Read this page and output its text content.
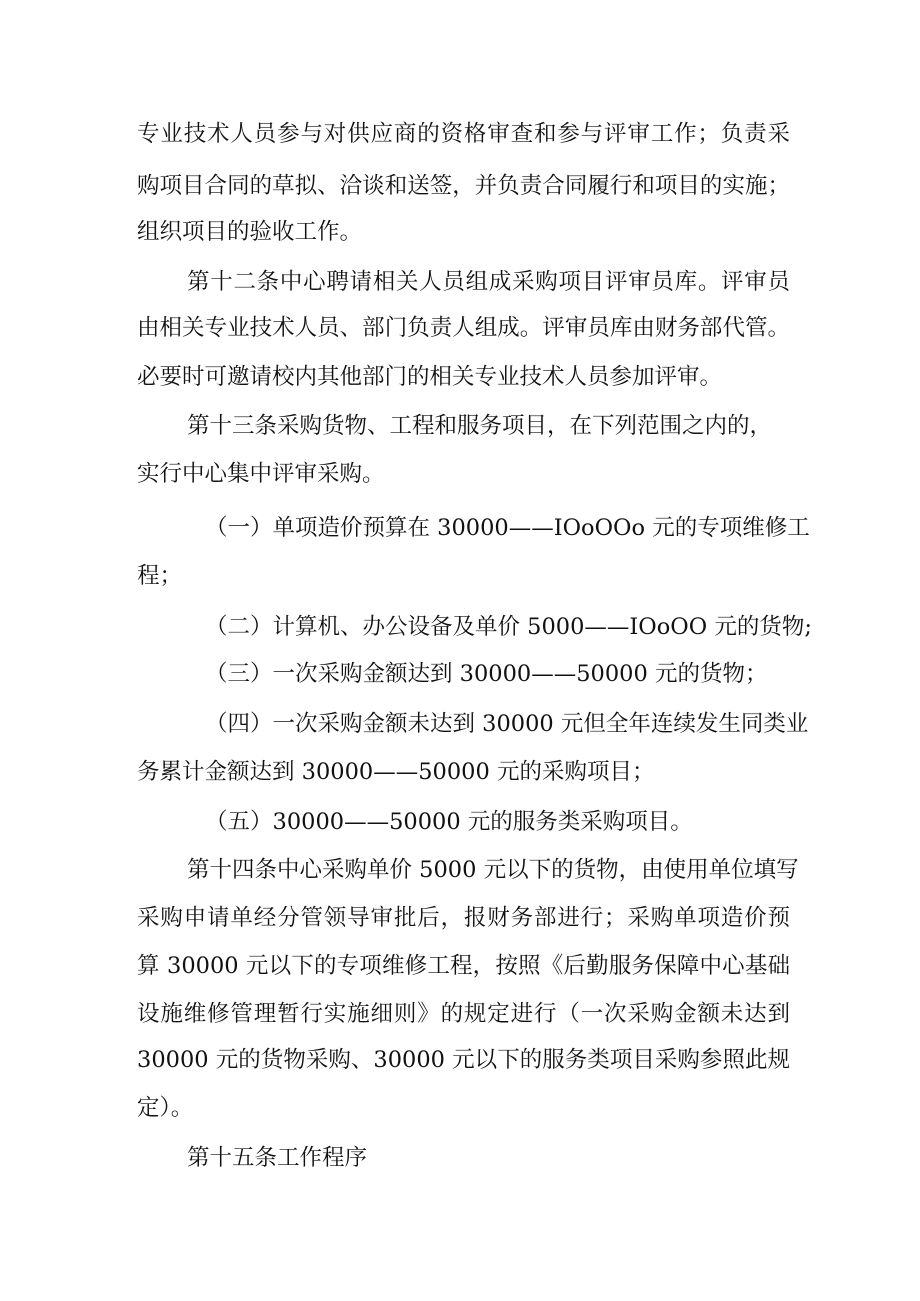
专业技术人员参与对供应商的资格审查和参与评审工作；负责采
购项目合同的草拟、洽谈和送签，并负责合同履行和项目的实施；
组织项目的验收工作。
第十二条中心聘请相关人员组成采购项目评审员库。评审员
由相关专业技术人员、部门负责人组成。评审员库由财务部代管。
必要时可邀请校内其他部门的相关专业技术人员参加评审。
第十三条采购货物、工程和服务项目，在下列范围之内的，
实行中心集中评审采购。
（一）单项造价预算在 30000——IOoOOo 元的专项维修工
程；
（二）计算机、办公设备及单价 5000——IOoOO 元的货物;
（三）一次采购金额达到 30000——50000 元的货物；
（四）一次采购金额未达到 30000 元但全年连续发生同类业
务累计金额达到 30000——50000 元的采购项目；
（五）30000——50000 元的服务类采购项目。
第十四条中心采购单价 5000 元以下的货物，由使用单位填写
采购申请单经分管领导审批后，报财务部进行；采购单项造价预
算 30000 元以下的专项维修工程，按照《后勤服务保障中心基础
设施维修管理暂行实施细则》的规定进行（一次采购金额未达到
30000 元的货物采购、30000 元以下的服务类项目采购参照此规
定）。
第十五条工作程序
